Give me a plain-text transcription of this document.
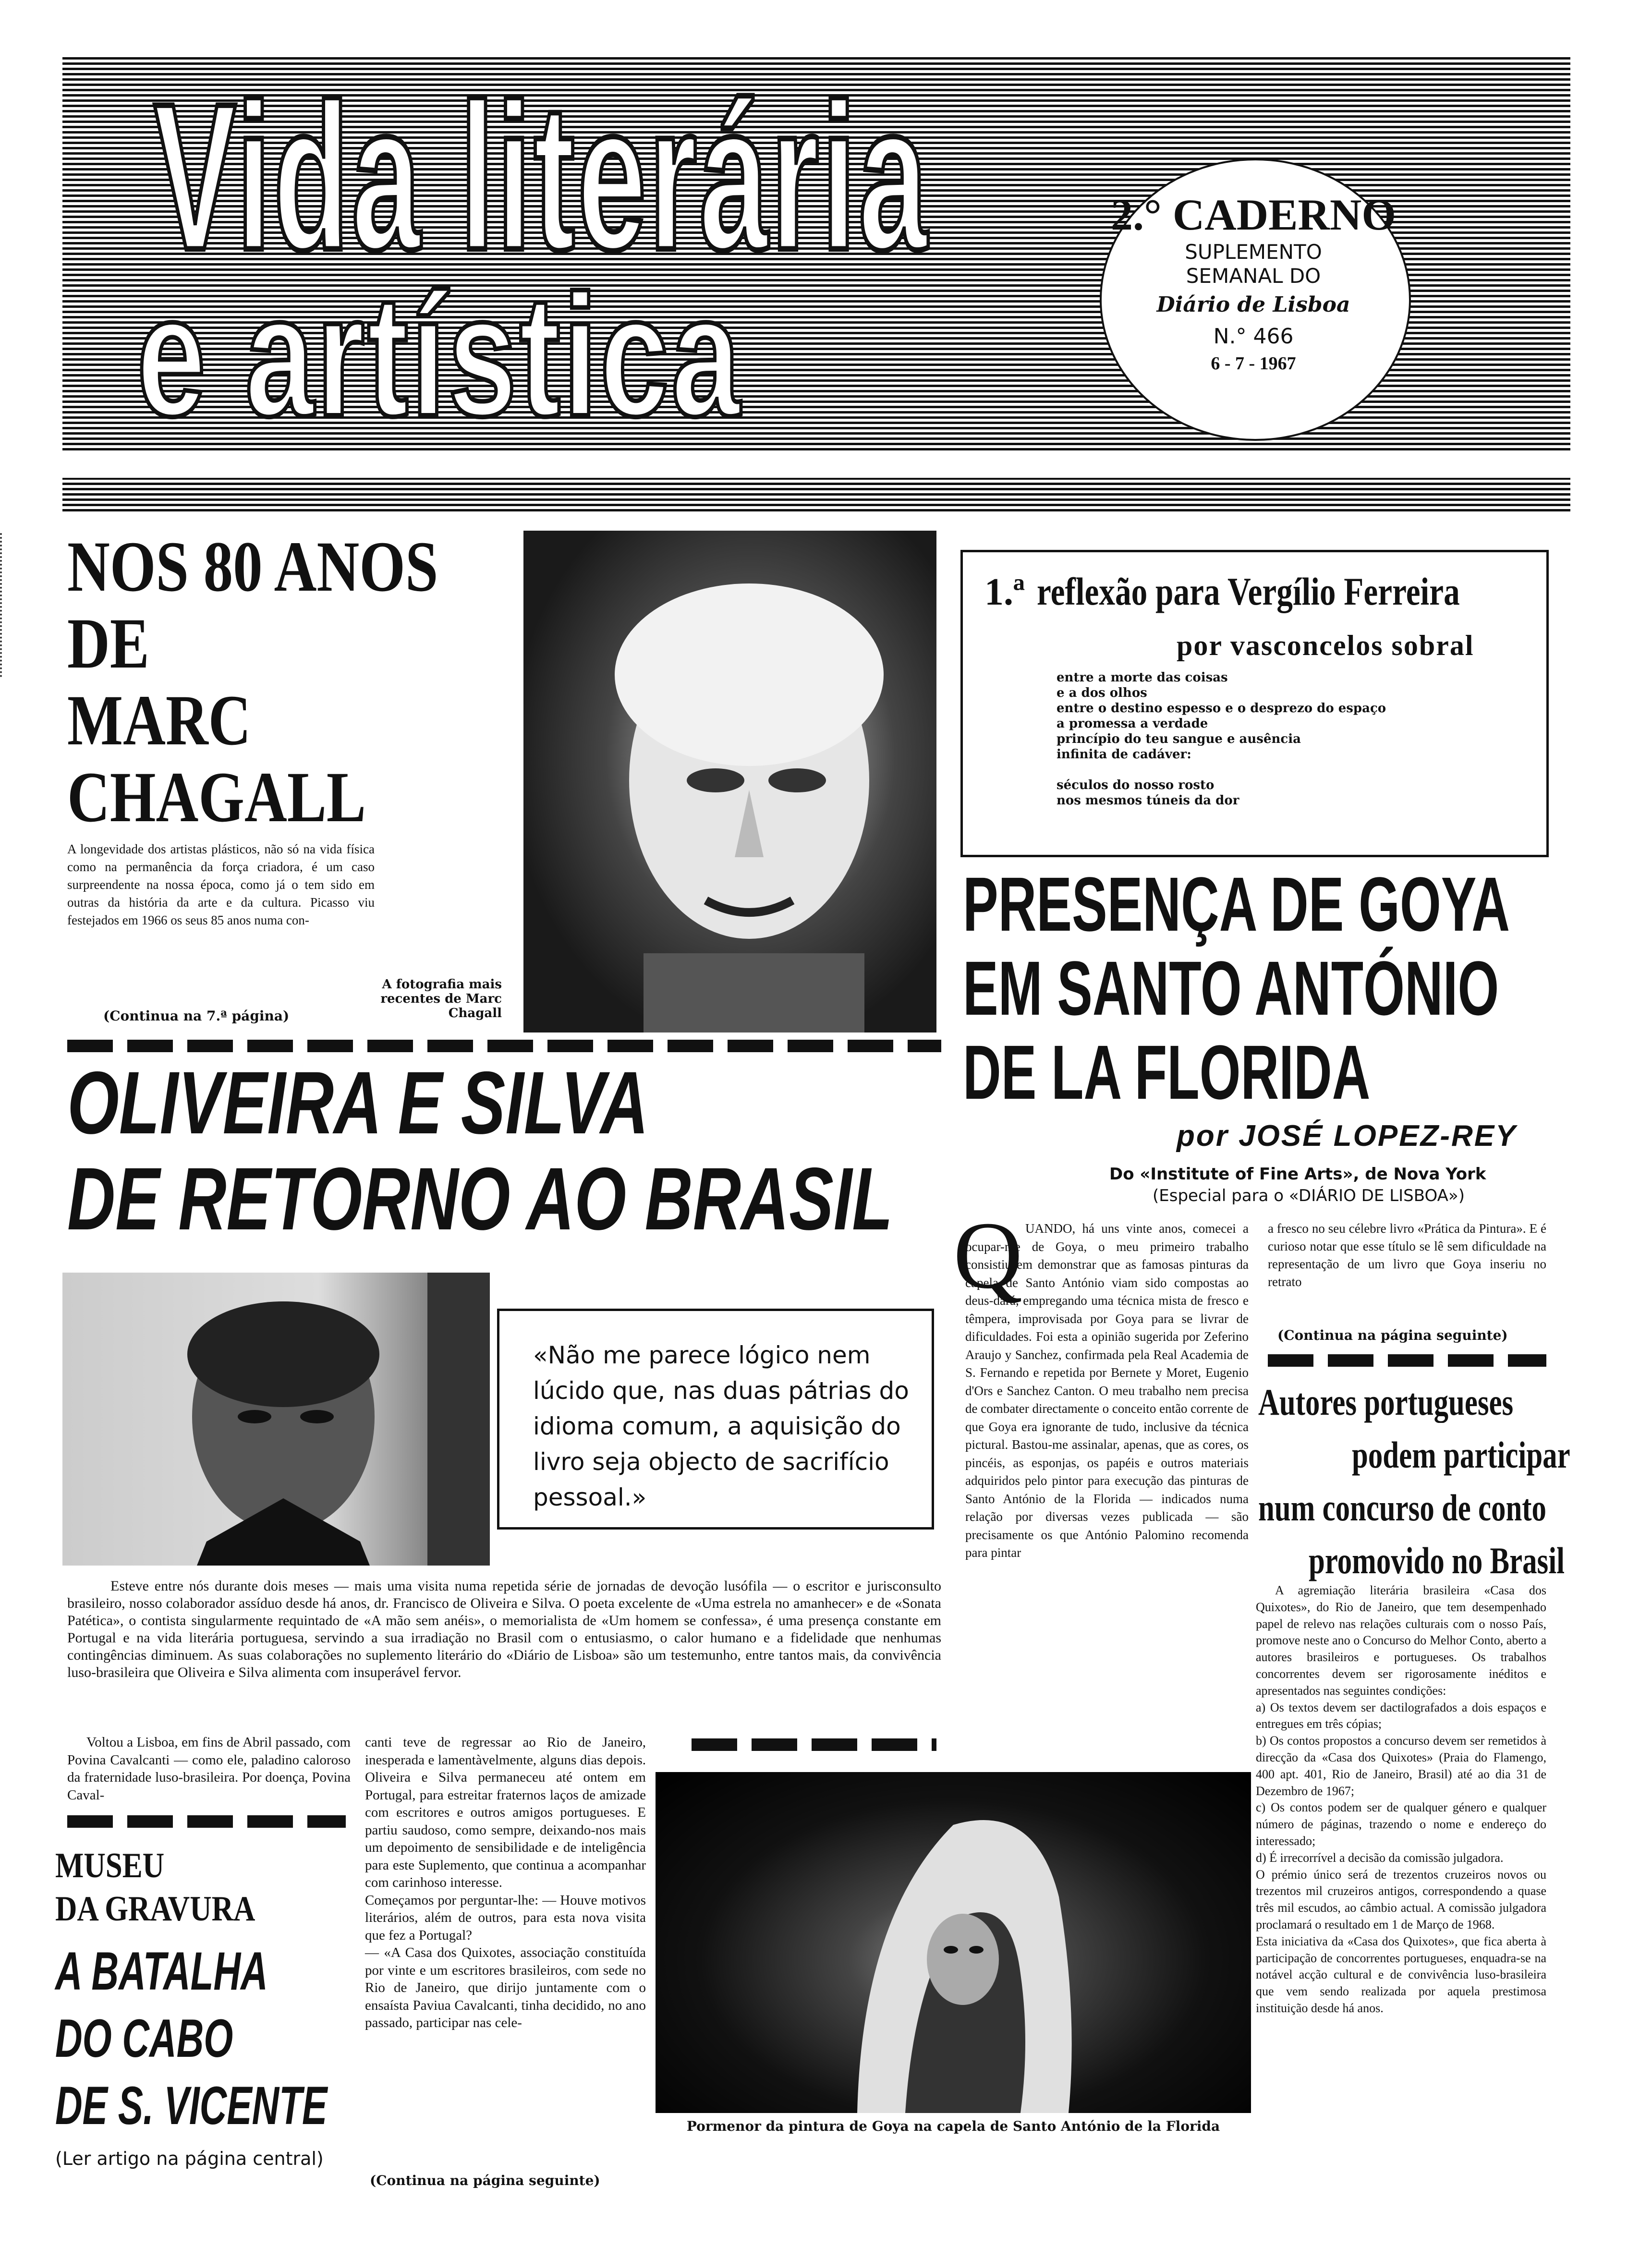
Vida literária
e artística
2.° CADERNO
SUPLEMENTO
SEMANAL DO
Diário de Lisboa
N.° 466
6 - 7 - 1967
NOS 80 ANOS
DE
MARC
CHAGALL

A longevidade dos artistas plásticos, não só na vida física como na permanência da força criadora, é um caso surpreendente na nossa época, como já o tem sido em outras da história da arte e da cultura. Picasso viu festejados em 1966 os seus 85 anos numa con-

(Continua na 7.ª página)
A fotografia mais recentes de Marc Chagall
1.ª reflexão para Vergílio Ferreira
por vasconcelos sobral
entre a morte das coisas
e a dos olhos
entre o destino espesso e o desprezo do espaço
a promessa a verdade
princípio do teu sangue e ausência
infinita de cadáver:
séculos do nosso rosto
nos mesmos túneis da dor
PRESENÇA DE GOYA
EM SANTO ANTÓNIO
DE LA FLORIDA
por JOSÉ LOPEZ-REY
Do «Institute of Fine Arts», de Nova York
(Especial para o «DIÁRIO DE LISBOA»)
Q UANDO, há uns vinte anos, comecei a ocupar-me de Goya, o meu primeiro trabalho consistiu em demonstrar que as famosas pinturas da capela de Santo António viam sido compostas ao deus-dará, empregando uma técnica mista de fresco e têmpera, improvisada por Goya para se livrar de dificuldades. Foi esta a opinião sugerida por Zeferino Araujo y Sanchez, confirmada pela Real Academia de S. Fernando e repetida por Bernete y Moret, Eugenio d'Ors e Sanchez Canton. O meu trabalho nem precisa de combater directamente o conceito então corrente de que Goya era ignorante de tudo, inclusive da técnica pictural. Bastou-me assinalar, apenas, que as cores, os pincéis, as esponjas, os papéis e outros materiais adquiridos pelo pintor para execução das pinturas de Santo António de la Florida — indicados numa relação por diversas vezes publicada — são precisamente os que António Palomino recomenda para pintar

a fresco no seu célebre livro «Prática da Pintura». E é curioso notar que esse título se lê sem dificuldade na representação de um livro que Goya inseriu no retrato

(Continua na página seguinte)
Autores portugueses
podem participar
num concurso de conto
promovido no Brasil

A agremiação literária brasileira «Casa dos Quixotes», do Rio de Janeiro, que tem desempenhado papel de relevo nas relações culturais com o nosso País, promove neste ano o Concurso do Melhor Conto, aberto a autores brasileiros e portugueses. Os trabalhos concorrentes devem ser rigorosamente inéditos e apresentados nas seguintes condições:
a) Os textos devem ser dactilografados a dois espaços e entregues em três cópias;
b) Os contos propostos a concurso devem ser remetidos à direcção da «Casa dos Quixotes» (Praia do Flamengo, 400 apt. 401, Rio de Janeiro, Brasil) até ao dia 31 de Dezembro de 1967;
c) Os contos podem ser de qualquer género e qualquer número de páginas, trazendo o nome e endereço do interessado;
d) É irrecorrível a decisão da comissão julgadora.
O prémio único será de trezentos cruzeiros novos ou trezentos mil cruzeiros antigos, correspondendo a quase três mil escudos, ao câmbio actual. A comissão julgadora proclamará o resultado em 1 de Março de 1968.
Esta iniciativa da «Casa dos Quixotes», que fica aberta à participação de concorrentes portugueses, enquadra-se na notável acção cultural e de convivência luso-brasileira que vem sendo realizada por aquela prestimosa instituição desde há anos.

OLIVEIRA E SILVA
DE RETORNO AO BRASIL

«Não me parece lógico nem lúcido que, nas duas pátrias do idioma comum, a aquisição do livro seja objecto de sacrifício pessoal.»

Esteve entre nós durante dois meses — mais uma visita numa repetida série de jornadas de devoção lusófila — o escritor e jurisconsulto brasileiro, nosso colaborador assíduo desde há anos, dr. Francisco de Oliveira e Silva. O poeta excelente de «Uma estrela no amanhecer» e de «Sonata Patética», o contista singularmente requintado de «A mão sem anéis», o memorialista de «Um homem se confessa», é uma presença constante em Portugal e na vida literária portuguesa, servindo a sua irradiação no Brasil com o entusiasmo, o calor humano e a fidelidade que nenhumas contingências diminuem. As suas colaborações no suplemento literário do «Diário de Lisboa» são um testemunho, entre tantos mais, da convivência luso-brasileira que Oliveira e Silva alimenta com insuperável fervor.

Voltou a Lisboa, em fins de Abril passado, com Povina Cavalcanti — como ele, paladino caloroso da fraternidade luso-brasileira. Por doença, Povina Caval-

canti teve de regressar ao Rio de Janeiro, inesperada e lamentàvelmente, alguns dias depois. Oliveira e Silva permaneceu até ontem em Portugal, para estreitar fraternos laços de amizade com escritores e outros amigos portugueses. E partiu saudoso, como sempre, deixando-nos mais um depoimento de sensibilidade e de inteligência para este Suplemento, que continua a acompanhar com carinhoso interesse.
Começamos por perguntar-lhe: — Houve motivos literários, além de outros, para esta nova visita que fez a Portugal?
— «A Casa dos Quixotes, associação constituída por vinte e um escritores brasileiros, com sede no Rio de Janeiro, que dirijo juntamente com o ensaísta Paviua Cavalcanti, tinha decidido, no ano passado, participar nas cele-

(Continua na página seguinte)
MUSEU
DA GRAVURA
A BATALHA
DO CABO
DE S. VICENTE
(Ler artigo na página central)
Pormenor da pintura de Goya na capela de Santo António de la Florida
